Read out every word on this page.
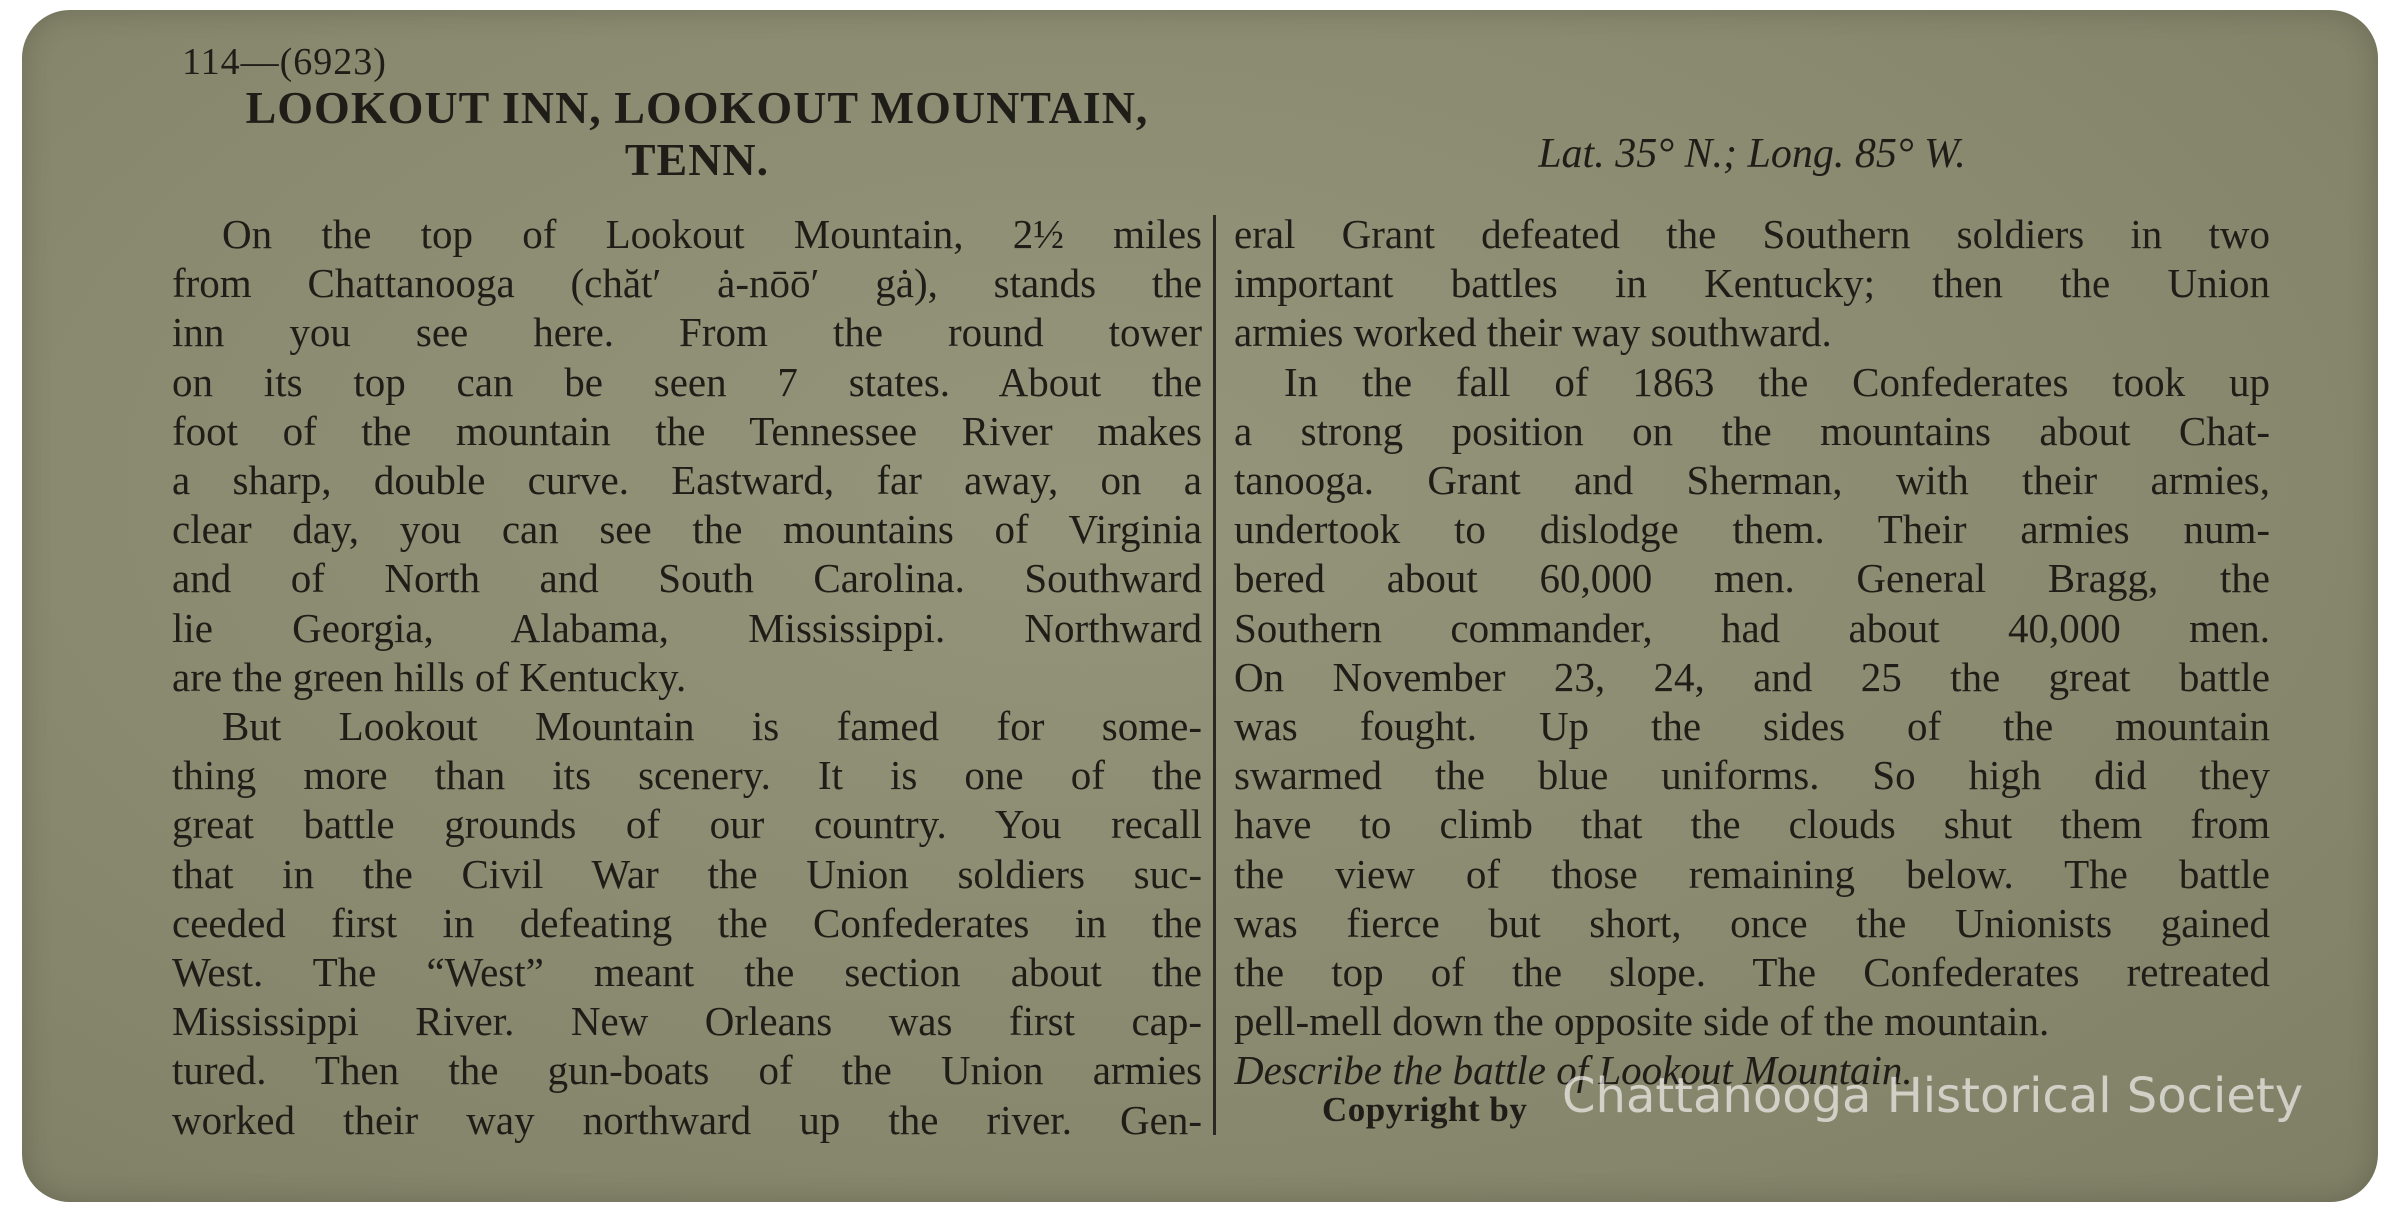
114—(6923)
LOOKOUT INN, LOOKOUT MOUNTAIN,
TENN.	Lat. 35° N.; Long. 85° W.
On the top of Lookout Mountain, 2½ miles
from Chattanooga (chăt′ ȧ-nōō′ gȧ), stands the
inn you see here. From the round tower
on its top can be seen 7 states. About the
foot of the mountain the Tennessee River makes
a sharp, double curve. Eastward, far away, on a
clear day, you can see the mountains of Virginia
and of North and South Carolina. Southward
lie Georgia, Alabama, Mississippi. Northward
are the green hills of Kentucky.
But Lookout Mountain is famed for some-
thing more than its scenery. It is one of the
great battle grounds of our country. You recall
that in the Civil War the Union soldiers suc-
ceeded first in defeating the Confederates in the
West. The “West” meant the section about the
Mississippi River. New Orleans was first cap-
tured. Then the gun-boats of the Union armies
worked their way northward up the river. Gen-
eral Grant defeated the Southern soldiers in two
important battles in Kentucky; then the Union
armies worked their way southward.
In the fall of 1863 the Confederates took up
a strong position on the mountains about Chat-
tanooga. Grant and Sherman, with their armies,
undertook to dislodge them. Their armies num-
bered about 60,000 men. General Bragg, the
Southern commander, had about 40,000 men.
On November 23, 24, and 25 the great battle
was fought. Up the sides of the mountain
swarmed the blue uniforms. So high did they
have to climb that the clouds shut them from
the view of those remaining below. The battle
was fierce but short, once the Unionists gained
the top of the slope. The Confederates retreated
pell-mell down the opposite side of the mountain.
Describe the battle of Lookout Mountain.
Copyright by Chattanooga Historical Society
